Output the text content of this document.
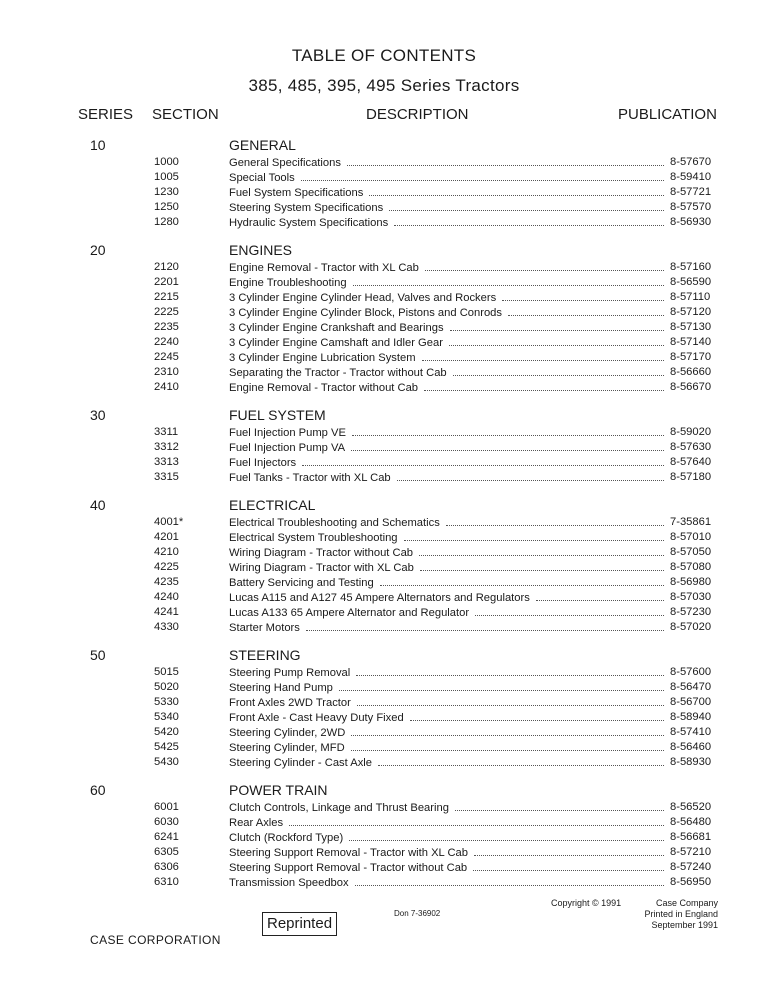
TABLE OF CONTENTS
385, 485, 395, 495 Series Tractors
SERIES SECTION	DESCRIPTION	PUBLICATION
10	GENERAL
1000	General Specifications	8-57670
1005	Special Tools	8-59410
1230	Fuel System Specifications	8-57721
1250	Steering System Specifications	8-57570
1280	Hydraulic System Specifications	8-56930
20	ENGINES
2120	Engine Removal - Tractor with XL Cab	8-57160
2201	Engine Troubleshooting	8-56590
2215	3 Cylinder Engine Cylinder Head, Valves and Rockers	8-57110
2225	3 Cylinder Engine Cylinder Block, Pistons and Conrods	8-57120
2235	3 Cylinder Engine Crankshaft and Bearings	8-57130
2240	3 Cylinder Engine Camshaft and Idler Gear	8-57140
2245	3 Cylinder Engine Lubrication System	8-57170
2310	Separating the Tractor - Tractor without Cab	8-56660
2410	Engine Removal - Tractor without Cab	8-56670
30	FUEL SYSTEM
3311	Fuel Injection Pump VE	8-59020
3312	Fuel Injection Pump VA	8-57630
3313	Fuel Injectors	8-57640
3315	Fuel Tanks - Tractor with XL Cab	8-57180
40	ELECTRICAL
4001*	Electrical Troubleshooting and Schematics	7-35861
4201	Electrical System Troubleshooting	8-57010
4210	Wiring Diagram - Tractor without Cab	8-57050
4225	Wiring Diagram - Tractor with XL Cab	8-57080
4235	Battery Servicing and Testing	8-56980
4240	Lucas A115 and A127 45 Ampere Alternators and Regulators	8-57030
4241	Lucas A133 65 Ampere Alternator and Regulator	8-57230
4330	Starter Motors	8-57020
50	STEERING
5015	Steering Pump Removal	8-57600
5020	Steering Hand Pump	8-56470
5330	Front Axles 2WD Tractor	8-56700
5340	Front Axle - Cast Heavy Duty Fixed	8-58940
5420	Steering Cylinder, 2WD	8-57410
5425	Steering Cylinder, MFD	8-56460
5430	Steering Cylinder - Cast Axle	8-58930
60	POWER TRAIN
6001	Clutch Controls, Linkage and Thrust Bearing	8-56520
6030	Rear Axles	8-56480
6241	Clutch (Rockford Type)	8-56681
6305	Steering Support Removal - Tractor with XL Cab	8-57210
6306	Steering Support Removal - Tractor without Cab	8-57240
6310	Transmission Speedbox	8-56950
Copyright © 1991	Case Company
Printed in England
September 1991
Don 7-36902
Reprinted
CASE CORPORATION
